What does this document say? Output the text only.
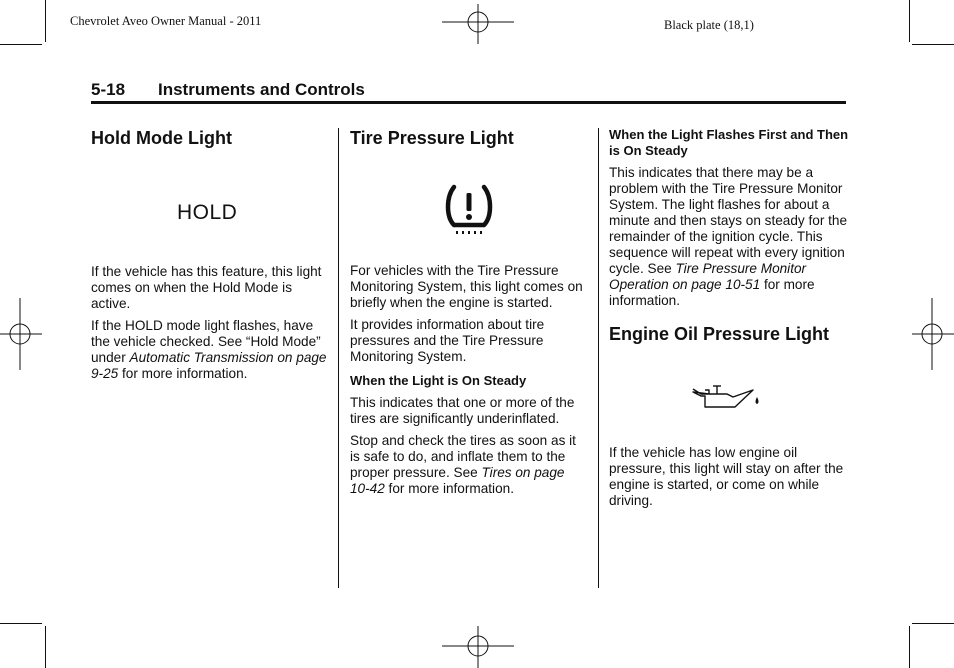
Chevrolet Aveo Owner Manual - 2011	Black plate (18,1)
5-18 Instruments and Controls
Hold Mode Light
HOLD

If the vehicle has this feature, this light comes on when the Hold Mode is active.

If the HOLD mode light flashes, have the vehicle checked. See “Hold Mode” under Automatic Transmission on page 9‑25 for more information.

Tire Pressure Light

For vehicles with the Tire Pressure Monitoring System, this light comes on briefly when the engine is started.

It provides information about tire pressures and the Tire Pressure Monitoring System.

When the Light is On Steady

This indicates that one or more of the tires are significantly underinflated.

Stop and check the tires as soon as it is safe to do, and inflate them to the proper pressure. See Tires on page 10‑42 for more information.

When the Light Flashes First and Then is On Steady

This indicates that there may be a problem with the Tire Pressure Monitor System. The light flashes for about a minute and then stays on steady for the remainder of the ignition cycle. This sequence will repeat with every ignition cycle. See Tire Pressure Monitor Operation on page 10‑51 for more information.

Engine Oil Pressure Light

If the vehicle has low engine oil pressure, this light will stay on after the engine is started, or come on while driving.
